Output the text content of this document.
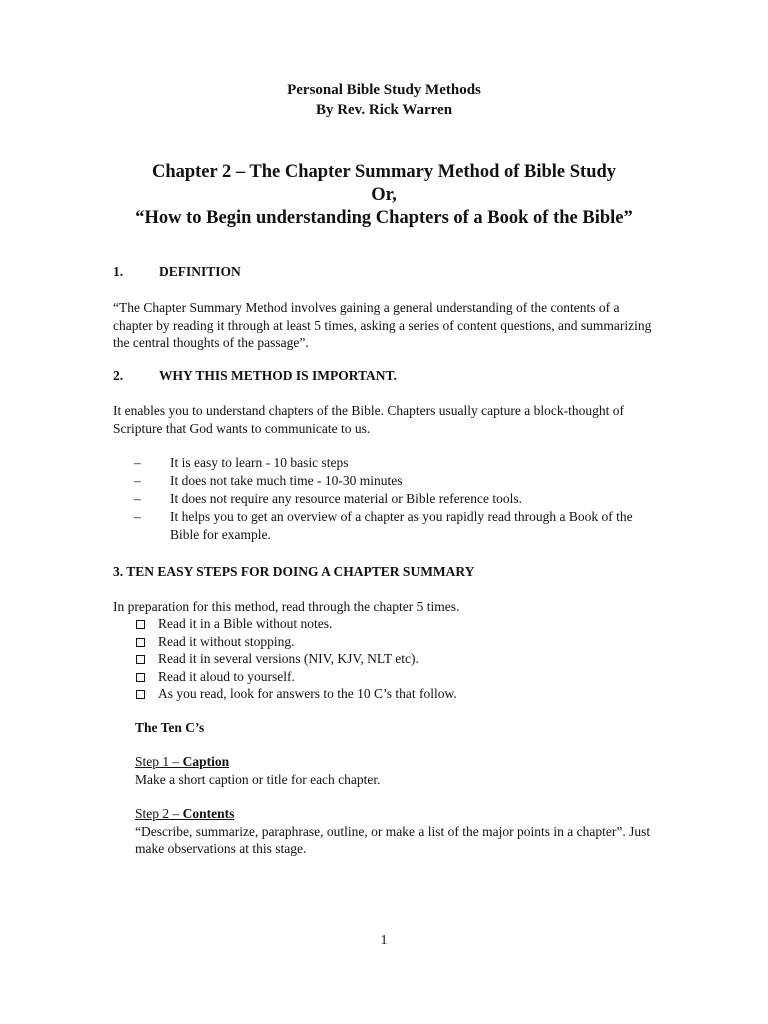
Personal Bible Study Methods
By Rev. Rick Warren
Chapter 2 – The Chapter Summary Method of Bible Study
Or,
“How to Begin understanding Chapters of a Book of the Bible”
1.	DEFINITION
“The Chapter Summary Method involves gaining a general understanding of the contents of a chapter by reading it through at least 5 times, asking a series of content questions, and summarizing the central thoughts of the passage”.
2.	WHY THIS METHOD IS IMPORTANT.
It enables you to understand chapters of the Bible. Chapters usually capture a block-thought of Scripture that God wants to communicate to us.
– It is easy to learn - 10 basic steps
– It does not take much time - 10-30 minutes
– It does not require any resource material or Bible reference tools.
– It helps you to get an overview of a chapter as you rapidly read through a Book of the Bible for example.
3. TEN EASY STEPS FOR DOING A CHAPTER SUMMARY
In preparation for this method, read through the chapter 5 times.
Read it in a Bible without notes.
Read it without stopping.
Read it in several versions (NIV, KJV, NLT etc).
Read it aloud to yourself.
As you read, look for answers to the 10 C’s that follow.
The Ten C’s
Step 1 – Caption
Make a short caption or title for each chapter.
Step 2 – Contents
“Describe, summarize, paraphrase, outline, or make a list of the major points in a chapter”. Just make observations at this stage.
1
